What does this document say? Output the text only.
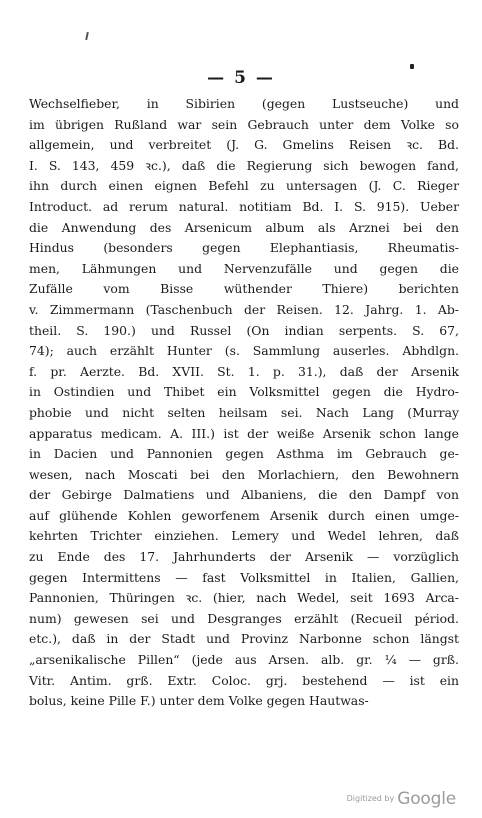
— 5 —
Wechselfieber, in Sibirien (gegen Lustseuche) und
im übrigen Rußland war sein Gebrauch unter dem Volke so
allgemein, und verbreitet (J. G. Gmelins Reisen ꝛc. Bd.
I. S. 143, 459 ꝛc.), daß die Regierung sich bewogen fand,
ihn durch einen eignen Befehl zu untersagen (J. C. Rieger
Introduct. ad rerum natural. notitiam Bd. I. S. 915). Ueber
die Anwendung des Arsenicum album als Arznei bei den
Hindus (besonders gegen Elephantiasis, Rheumatis-
men, Lähmungen und Nervenzufälle und gegen die
Zufälle vom Bisse wüthender Thiere) berichten
v. Zimmermann (Taschenbuch der Reisen. 12. Jahrg. 1. Ab-
theil. S. 190.) und Russel (On indian serpents. S. 67,
74); auch erzählt Hunter (s. Sammlung auserles. Abhdlgn.
f. pr. Aerzte. Bd. XVII. St. 1. p. 31.), daß der Arsenik
in Ostindien und Thibet ein Volksmittel gegen die Hydro-
phobie und nicht selten heilsam sei. Nach Lang (Murray
apparatus medicam. A. III.) ist der weiße Arsenik schon lange
in Dacien und Pannonien gegen Asthma im Gebrauch ge-
wesen, nach Moscati bei den Morlachiern, den Bewohnern
der Gebirge Dalmatiens und Albaniens, die den Dampf von
auf glühende Kohlen geworfenem Arsenik durch einen umge-
kehrten Trichter einziehen. Lemery und Wedel lehren, daß
zu Ende des 17. Jahrhunderts der Arsenik — vorzüglich
gegen Intermittens — fast Volksmittel in Italien, Gallien,
Pannonien, Thüringen ꝛc. (hier, nach Wedel, seit 1693 Arca-
num) gewesen sei und Desgranges erzählt (Recueil périod.
etc.), daß in der Stadt und Provinz Narbonne schon längst
„arsenikalische Pillen“ (jede aus Arsen. alb. gr. ¼ — grß.
Vitr. Antim. grß. Extr. Coloc. grj. bestehend — ist ein
bolus, keine Pille F.) unter dem Volke gegen Hautwas-
Digitized by Google
